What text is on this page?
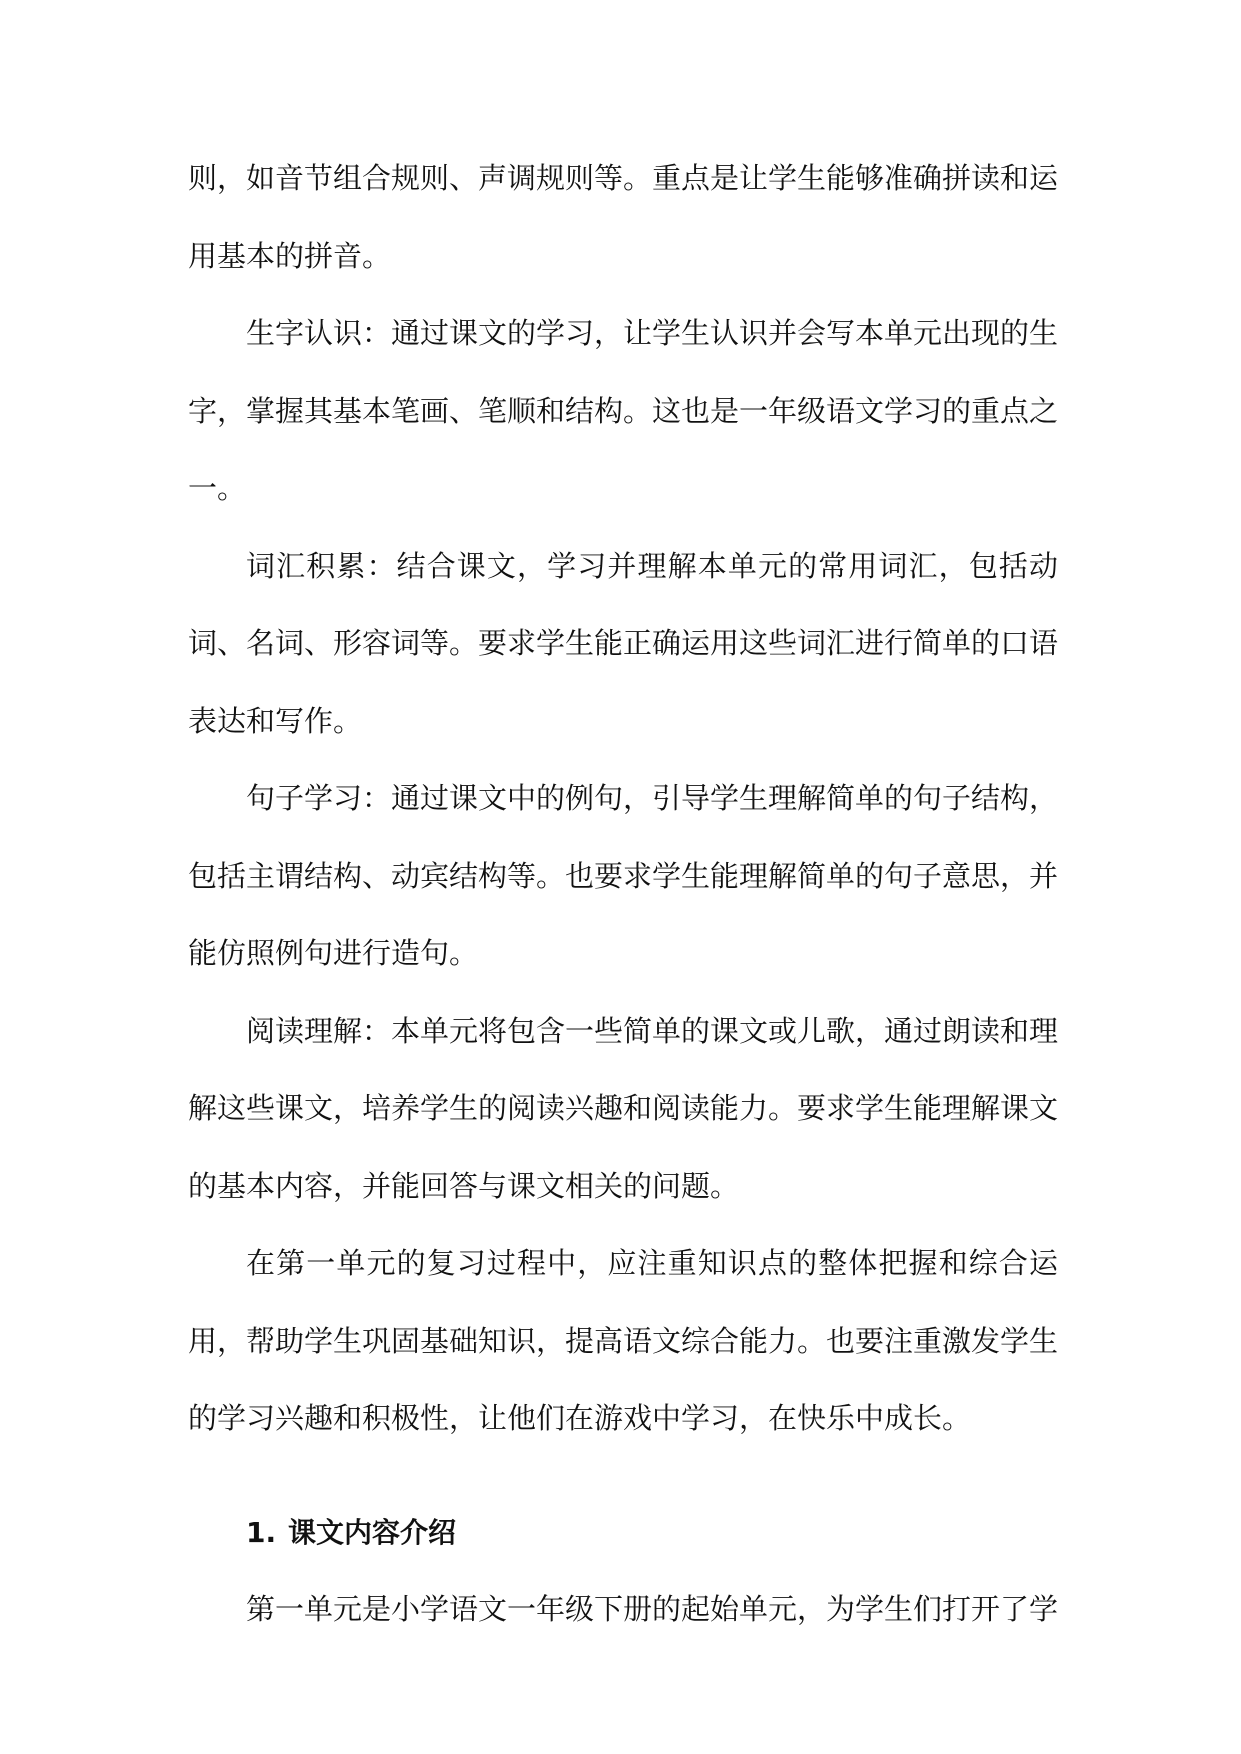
则，如音节组合规则、声调规则等。重点是让学生能够准确拼读和运用基本的拼音。

生字认识：通过课文的学习，让学生认识并会写本单元出现的生字，掌握其基本笔画、笔顺和结构。这也是一年级语文学习的重点之一。

词汇积累：结合课文，学习并理解本单元的常用词汇，包括动词、名词、形容词等。要求学生能正确运用这些词汇进行简单的口语表达和写作。

句子学习：通过课文中的例句，引导学生理解简单的句子结构，包括主谓结构、动宾结构等。也要求学生能理解简单的句子意思，并能仿照例句进行造句。

阅读理解：本单元将包含一些简单的课文或儿歌，通过朗读和理解这些课文，培养学生的阅读兴趣和阅读能力。要求学生能理解课文的基本内容，并能回答与课文相关的问题。

在第一单元的复习过程中，应注重知识点的整体把握和综合运用，帮助学生巩固基础知识，提高语文综合能力。也要注重激发学生的学习兴趣和积极性，让他们在游戏中学习，在快乐中成长。

1. 课文内容介绍

第一单元是小学语文一年级下册的起始单元，为学生们打开了学
